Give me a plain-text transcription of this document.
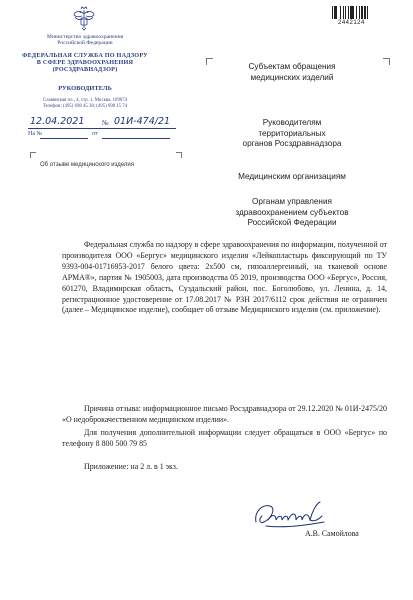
2442124
Министерство здравоохранения
Российской Федерации
ФЕДЕРАЛЬНАЯ СЛУЖБА ПО НАДЗОРУ
В СФЕРЕ ЗДРАВООХРАНЕНИЯ
(РОСЗДРАВНАДЗОР)
РУКОВОДИТЕЛЬ
Славянская пл., 4, стр. 1, Москва, 109074
Телефон: (495) 698 45 38; (495) 698 15 74
12.04.2021	№ 01И-474/21
На №	от
Об отзыве медицинского изделия
Субъектам обращения
медицинских изделий
Руководителям
территориальных
органов Росздравнадзора
Медицинским организациям
Органам управления
здравоохранением субъектов
Российской Федерации
Федеральная служба по надзору в сфере здравоохранения по информации, полученной от производителя ООО «Бергус» медицинского изделия «Лейкопластырь фиксирующий по ТУ 9393-004-01716953-2017 белого цвета: 2х500 см, гипоаллергенный, на тканевой основе АРМА®», партия № 1905003, дата производства 05 2019, производства ООО «Бергус», Россия, 601270, Владимирская область, Суздальский район, пос. Боголюбово, ул. Ленина, д. 14, регистрационное удостоверение от 17.08.2017 № РЗН 2017/6112 срок действия не ограничен (далее – Медицинское изделие), сообщает об отзыве Медицинского изделия (см. приложение).
Причина отзыва: информационное письмо Росздравнадзора от 29.12.2020 № 01И-2475/20 «О недоброкачественном медицинском изделии».
Для получения дополнительной информации следует обращаться в ООО «Бергус» по телефону 8 800 500 79 85
Приложение: на 2 л. в 1 экз.
А.В. Самойлова
